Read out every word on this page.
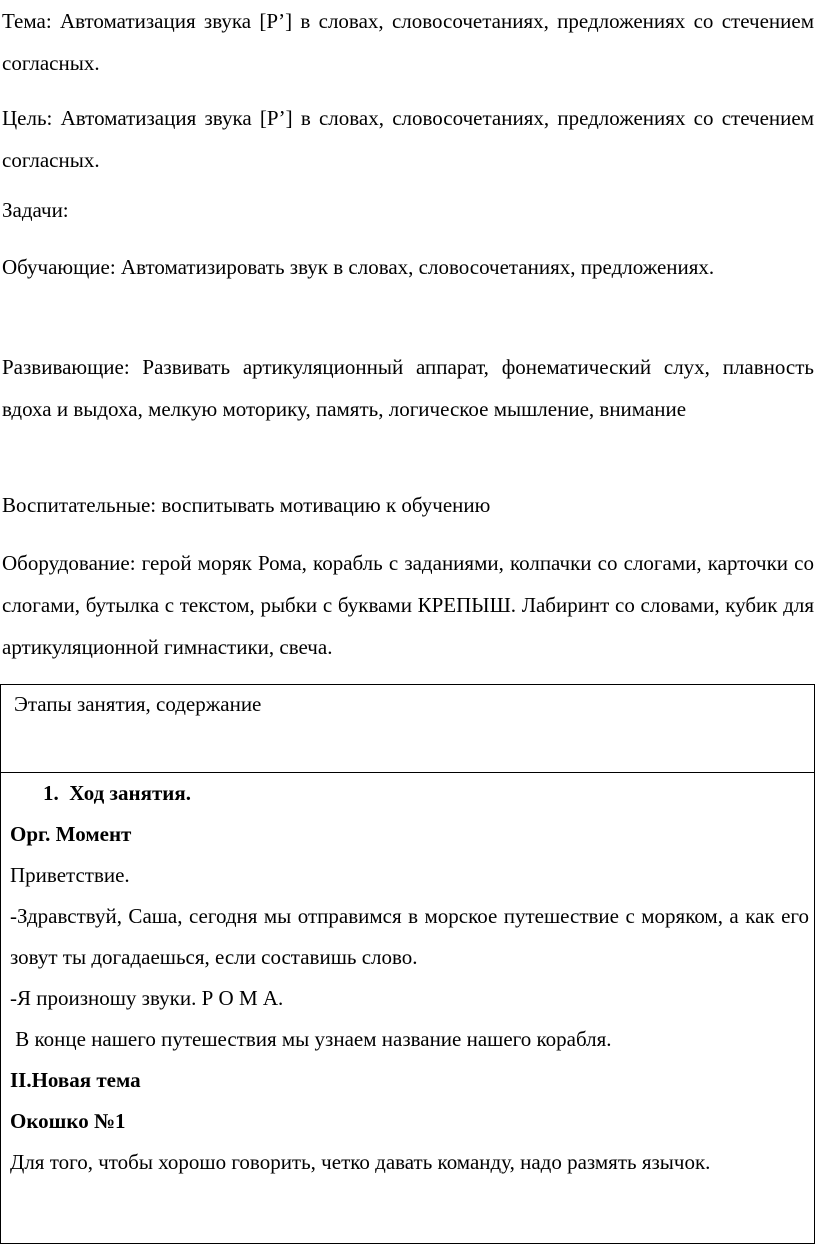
Тема: Автоматизация звука [Р’] в словах, словосочетаниях, предложениях со стечением согласных.
Цель: Автоматизация звука [Р’] в словах, словосочетаниях, предложениях со стечением согласных.
Задачи:
Обучающие: Автоматизировать звук в словах, словосочетаниях, предложениях.
Развивающие: Развивать артикуляционный аппарат, фонематический слух, плавность вдоха и выдоха, мелкую моторику, память, логическое мышление, внимание
Воспитательные: воспитывать мотивацию к обучению
Оборудование: герой моряк Рома, корабль с заданиями, колпачки со слогами, карточки со слогами, бутылка с текстом, рыбки с буквами КРЕПЫШ. Лабиринт со словами, кубик для артикуляционной гимнастики, свеча.
Этапы занятия, содержание

1. Ход занятия.
Орг. Момент
Приветствие.
-Здравствуй, Саша, сегодня мы отправимся в морское путешествие с моряком, а как его зовут ты догадаешься, если составишь слово.
-Я произношу звуки. Р О М А.
В конце нашего путешествия мы узнаем название нашего корабля.
II.Новая тема
Окошко №1
Для того, чтобы хорошо говорить, четко давать команду, надо размять язычок.
